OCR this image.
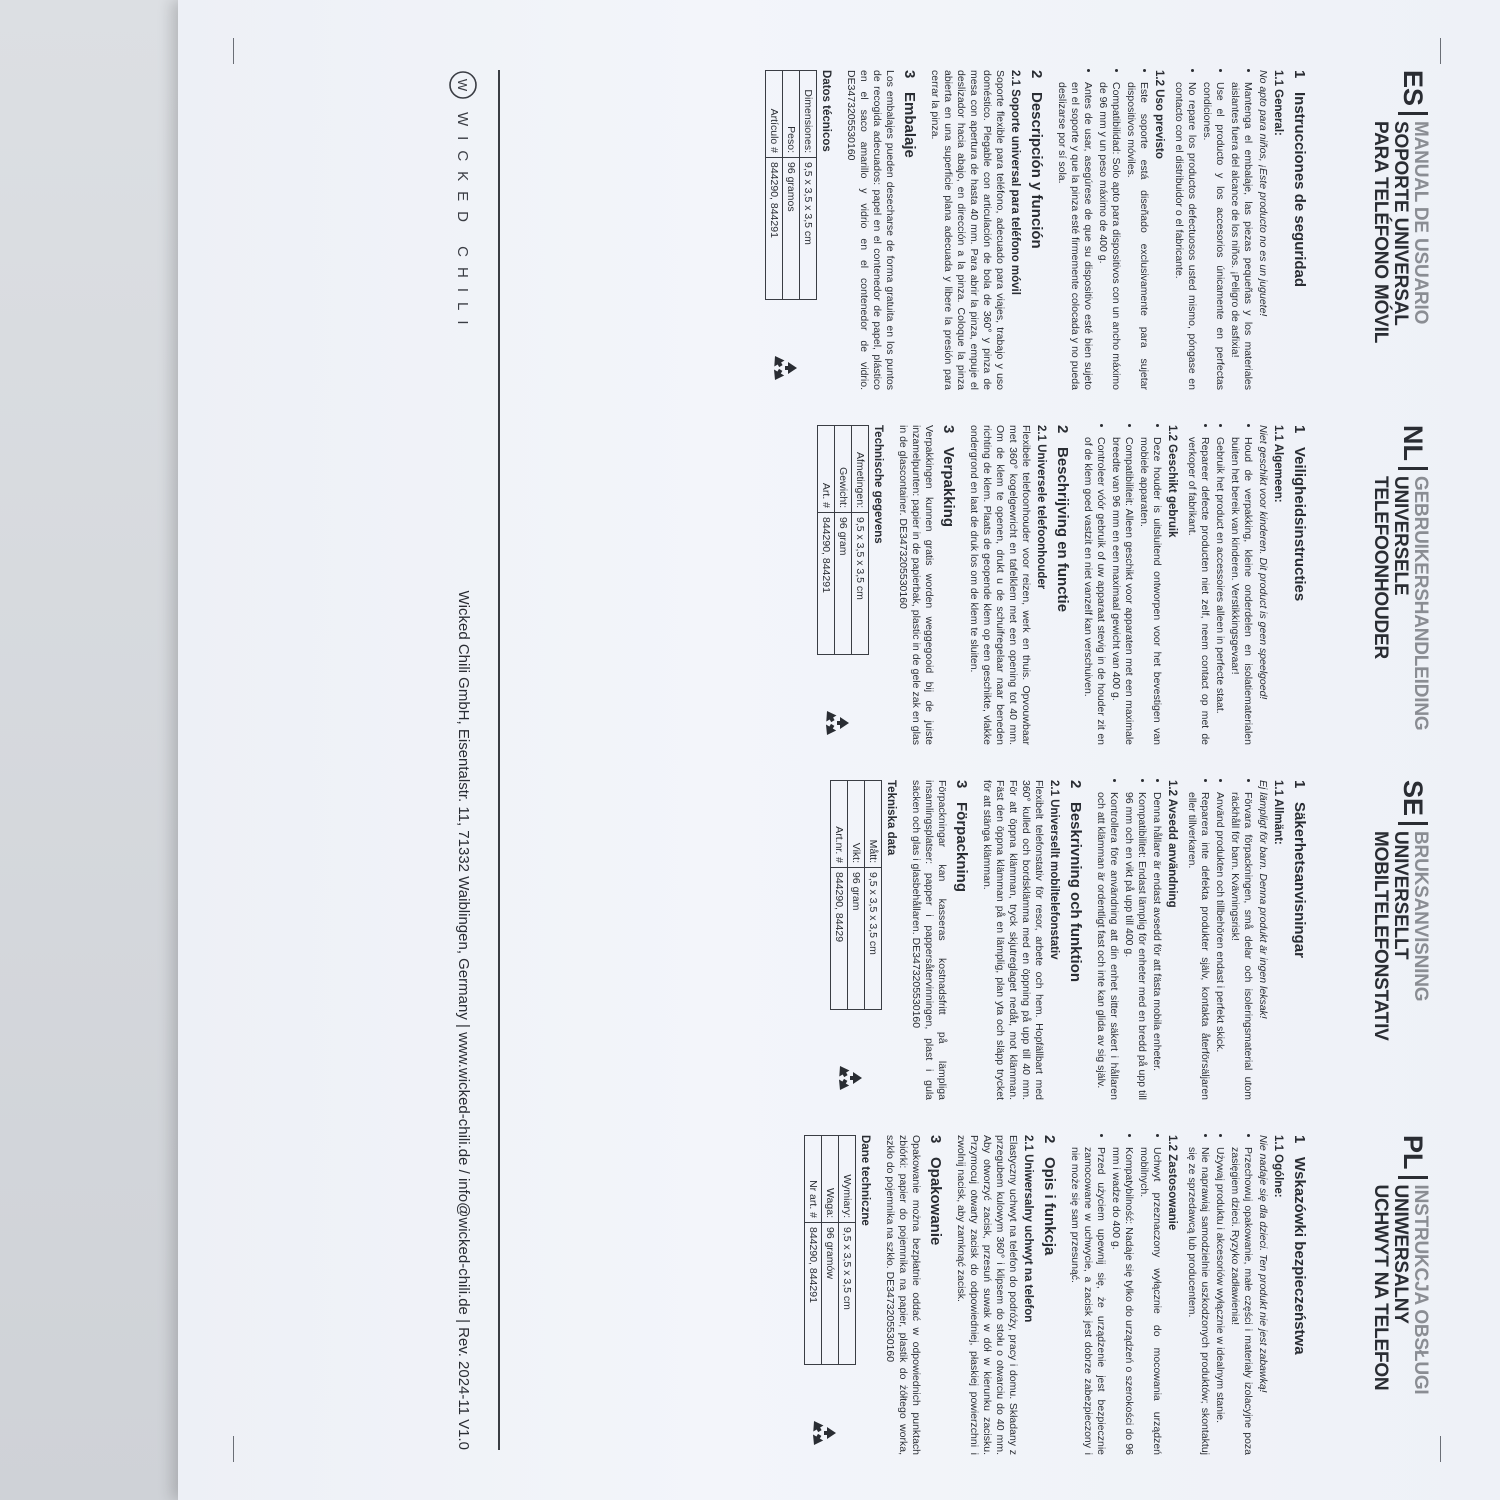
ES
MANUAL DE USUARIO
SOPORTE UNIVERSAL
PARA TELÉFONO MÓVIL
1Instrucciones de seguridad
1.1 General:
No apto para niños, ¡Este producto no es un juguete!
• Mantenga el embalaje, las piezas pequeñas y los materiales aislantes fuera del alcance de los niños. ¡Peligro de asfixia!
• Use el producto y los accesorios únicamente en perfectas condiciones.
• No repare los productos defectuosos usted mismo, póngase en contacto con el distribuidor o el fabricante.
1.2 Uso previsto
• Este soporte está diseñado exclusivamente para sujetar dispositivos móviles.
• Compatibilidad: Solo apto para dispositivos con un ancho máximo de 96 mm y un peso máximo de 400 g.
• Antes de usar, asegúrese de que su dispositivo esté bien sujeto en el soporte y que la pinza esté firmemente colocada y no pueda deslizarse por sí sola.
2Descripción y función
2.1 Soporte universal para teléfono móvil
Soporte flexible para teléfono, adecuado para viajes, trabajo y uso doméstico. Plegable con articulación de bola de 360° y pinza de mesa con apertura de hasta 40 mm. Para abrir la pinza, empuje el deslizador hacia abajo, en dirección a la pinza. Coloque la pinza abierta en una superficie plana adecuada y libere la presión para cerrar la pinza.
3Embalaje
Los embalajes pueden desecharse de forma gratuita en los puntos de recogida adecuados: papel en el contenedor de papel, plástico en el saco amarillo y vidrio en el contenedor de vidrio. DE3473205530160
Datos técnicos
Dimensiones:	9,5 x 3,5 x 3,5 cm
Peso:	96 gramos
Artículo #	844290, 844291
NL
GEBRUIKERSHANDLEIDING
UNIVERSELE
TELEFOONHOUDER
1Veiligheidsinstructies
1.1 Algemeen:
Niet geschikt voor kinderen. Dit product is geen speelgoed!
• Houd de verpakking, kleine onderdelen en isolatiematerialen buiten het bereik van kinderen. Verstikkingsgevaar!
• Gebruik het product en accessoires alleen in perfecte staat.
• Repareer defecte producten niet zelf, neem contact op met de verkoper of fabrikant.
1.2 Geschikt gebruik
• Deze houder is uitsluitend ontworpen voor het bevestigen van mobiele apparaten.
• Compatibiliteit: Alleen geschikt voor apparaten met een maximale breedte van 96 mm en een maximaal gewicht van 400 g.
• Controleer vóór gebruik of uw apparaat stevig in de houder zit en of de klem goed vastzit en niet vanzelf kan verschuiven.
2Beschrijving en functie
2.1 Universele telefoonhouder
Flexibele telefoonhouder voor reizen, werk en thuis. Opvouwbaar met 360° kogelgewricht en tafelklem met een opening tot 40 mm. Om de klem te openen, drukt u de schuifregelaar naar beneden richting de klem. Plaats de geopende klem op een geschikte, vlakke ondergrond en laat de druk los om de klem te sluiten.
3Verpakking
Verpakkingen kunnen gratis worden weggegooid bij de juiste inzamelpunten: papier in de papierbak, plastic in de gele zak en glas in de glascontainer. DE3473205530160
Technische gegevens
Afmetingen:	9,5 x 3,5 x 3,5 cm
Gewicht:	96 gram
Art. #	844290, 844291
SE
BRUKSANVISNING
UNIVERSELLT
MOBILTELEFONSTATIV
1Säkerhetsanvisningar
1.1 Allmänt:
Ej lämpligt för barn. Denna produkt är ingen leksak!
• Förvara förpackningen, små delar och isoleringsmaterial utom räckhåll för barn. Kvävningsrisk!
• Använd produkten och tillbehören endast i perfekt skick.
• Reparera inte defekta produkter själv, kontakta återförsäljaren eller tillverkaren.
1.2 Avsedd användning
• Denna hållare är endast avsedd för att fästa mobila enheter.
• Kompatibilitet: Endast lämplig för enheter med en bredd på upp till 96 mm och en vikt på upp till 400 g.
• Kontrollera före användning att din enhet sitter säkert i hållaren och att klämman är ordentligt fast och inte kan glida av sig själv.
2Beskrivning och funktion
2.1 Universellt mobiltelefonstativ
Flexibelt telefonstativ för resor, arbete och hem. Hopfällbart med 360° kulled och bordsklämma med en öppning på upp till 40 mm. För att öppna klämman, tryck skjutreglaget nedåt, mot klämman. Fäst den öppna klämman på en lämplig, plan yta och släpp trycket för att stänga klämman.
3Förpackning
Förpackningar kan kasseras kostnadsfritt på lämpliga insamlingsplatser: papper i pappersåtervinningen, plast i gula säcken och glas i glasbehållaren. DE3473205530160
Tekniska data
Mått:	9,5 x 3,5 x 3,5 cm
Vikt:	96 gram
Art.nr. #	844290, 84429
PL
INSTRUKCJA OBSŁUGI
UNIWERSALNY
UCHWYT NA TELEFON
1Wskazówki bezpieczeństwa
1.1 Ogólne:
Nie nadaje się dla dzieci. Ten produkt nie jest zabawką!
• Przechowuj opakowanie, małe części i materiały izolacyjne poza zasięgiem dzieci. Ryzyko zadławienia!
• Używaj produktu i akcesoriów wyłącznie w idealnym stanie.
• Nie naprawiaj samodzielnie uszkodzonych produktów; skontaktuj się ze sprzedawcą lub producentem.
1.2 Zastosowanie
• Uchwyt przeznaczony wyłącznie do mocowania urządzeń mobilnych.
• Kompatybilność: Nadaje się tylko do urządzeń o szerokości do 96 mm i wadze do 400 g.
• Przed użyciem upewnij się, że urządzenie jest bezpiecznie zamocowane w uchwycie, a zacisk jest dobrze zabezpieczony i nie może się sam przesunąć.
2Opis i funkcja
2.1 Uniwersalny uchwyt na telefon
Elastyczny uchwyt na telefon do podróży, pracy i domu. Składany z przegubem kulowym 360° i klipsem do stołu o otwarciu do 40 mm. Aby otworzyć zacisk, przesuń suwak w dół w kierunku zacisku. Przymocuj otwarty zacisk do odpowiedniej, płaskiej powierzchni i zwolnij nacisk, aby zamknąć zacisk.
3Opakowanie
Opakowanie można bezpłatnie oddać w odpowiednich punktach zbiórki: papier do pojemnika na papier, plastik do żółtego worka, szkło do pojemnika na szkło. DE3473205530160
Dane techniczne
Wymiary:	9,5 x 3,5 x 3,5 cm
Waga:	96 gramów
Nr art. #	844290, 844291
W
WICKED CHILI
Wicked Chili GmbH, Eisentalstr. 11, 71332 Waiblingen, Germany | www.wicked-chili.de / info@wicked-chili.de | Rev. 2024-11 V1.0
